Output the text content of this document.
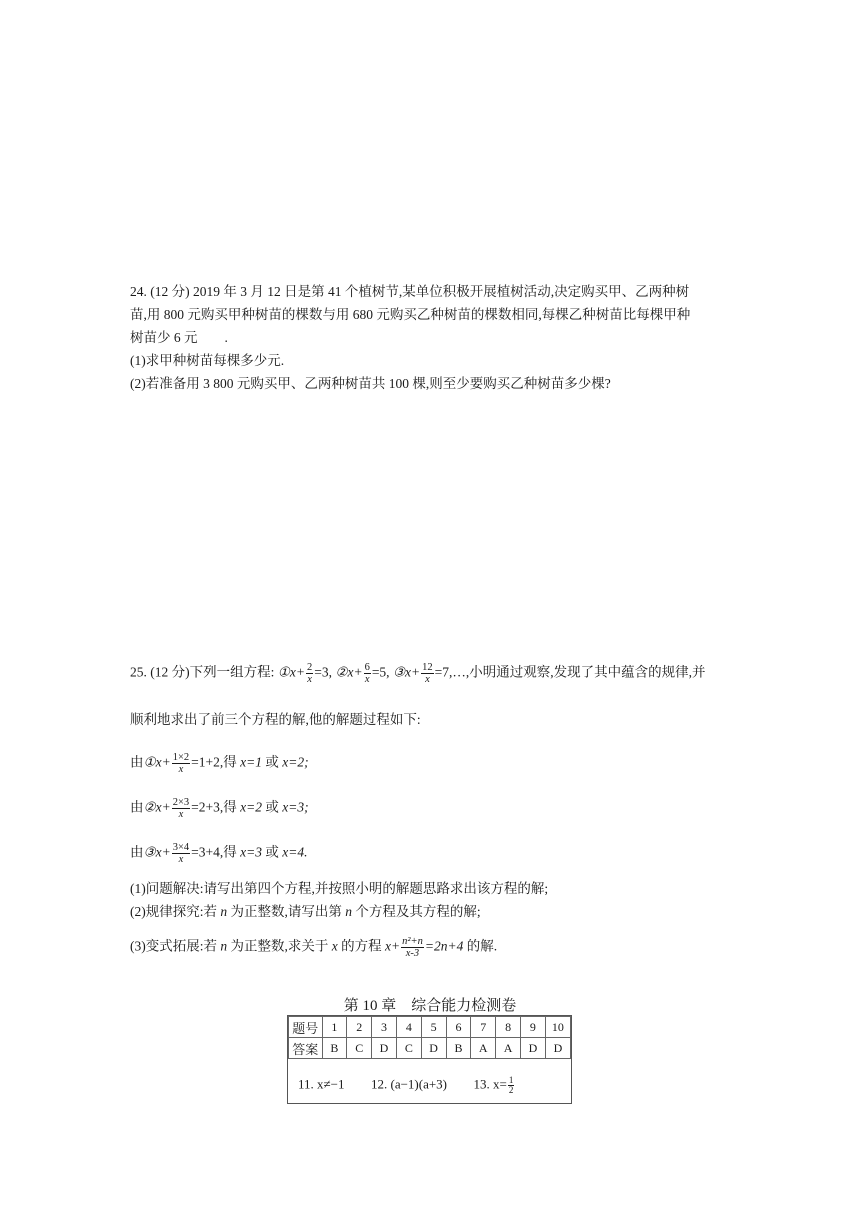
24. (12 分) 2019 年 3 月 12 日是第 41 个植树节,某单位积极开展植树活动,决定购买甲、乙两种树
苗,用 800 元购买甲种树苗的棵数与用 680 元购买乙种树苗的棵数相同,每棵乙种树苗比每棵甲种
树苗少 6 元　　.
(1)求甲种树苗每棵多少元.
(2)若准备用 3 800 元购买甲、乙两种树苗共 100 棵,则至少要购买乙种树苗多少棵?
25. (12 分)下列一组方程: ①x+ $\frac{2}{x} =3$, ②x+ $\frac{6}{x} =5$, ③x+ $\frac{12}{x}$ =7,…,小明通过观察,发现了其中蕴含的规律,并
顺利地求出了前三个方程的解,他的解题过程如下:
由①x+ $\frac{1\times 2}{x} =1+2$,得 x=1 或 x=2;
由②x+ $\frac{2\times 3}{x} =2+3$,得 x=2 或 x=3;
由③x+ $\frac{3\times 4}{x} =3+4$,得 x=3 或 x=4.
(1)问题解决:请写出第四个方程,并按照小明的解题思路求出该方程的解;
(2)规律探究:若 n 为正整数,请写出第 n 个方程及其方程的解;
(3)变式拓展:若 n 为正整数,求关于 x 的方程 $x+ \frac{\text{n²+n}}{x-3} =2n+4$ 的解.
第 10 章　综合能力检测卷
题号	1	2	3	4	5	6	7	8	9	10
答案	B	C	D	C	D	B	A	A	D	D
11. x≠−1 12. (a−1)(a+3) 13. $x= \frac{1}{2}$
